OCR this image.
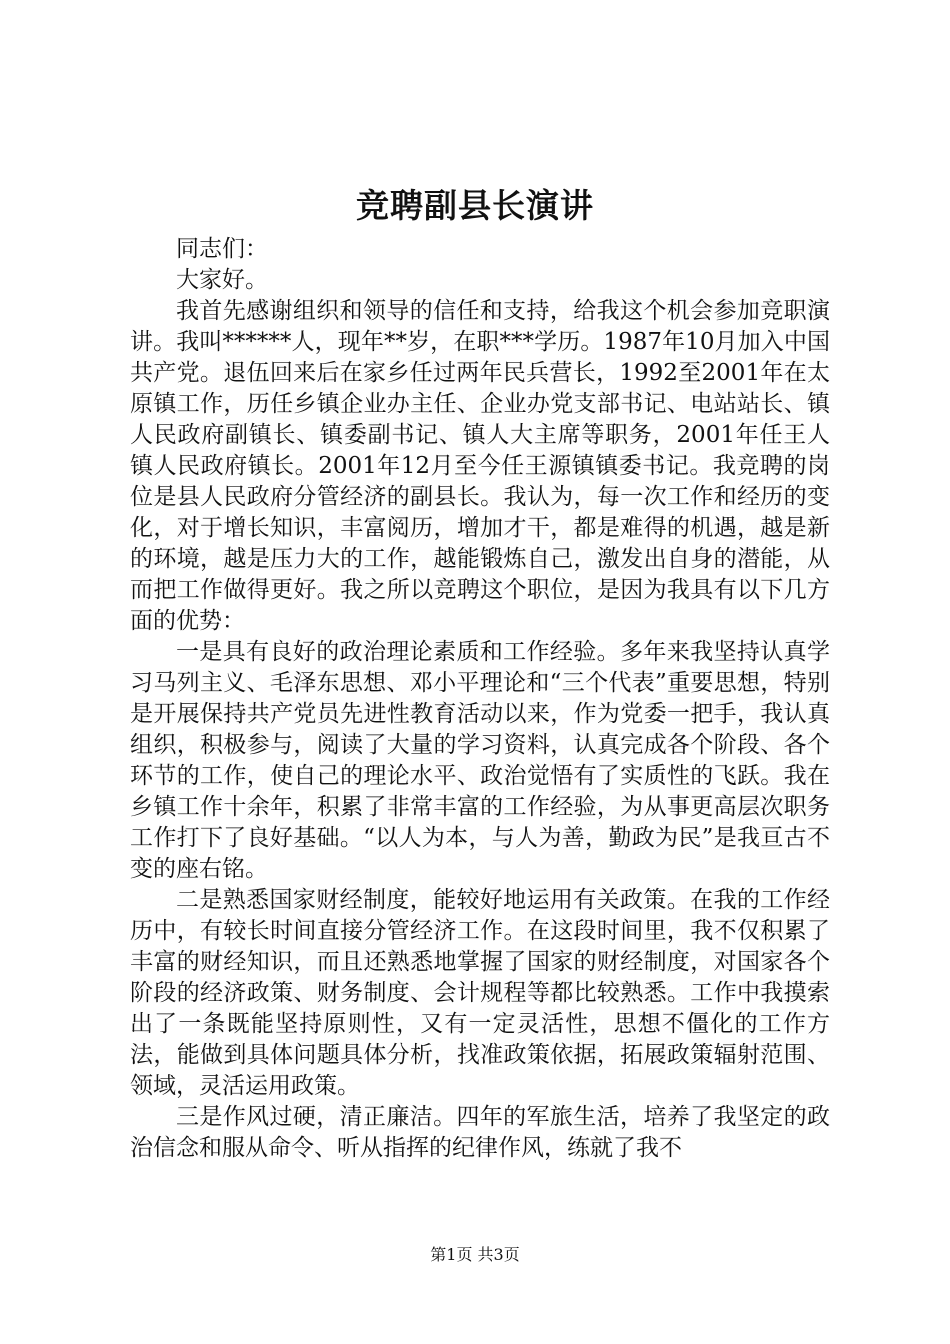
竞聘副县长演讲

同志们：

大家好。

我首先感谢组织和领导的信任和支持，给我这个机会参加竞职演讲。我叫******人，现年**岁，在职***学历。1987年10月加入中国共产党。退伍回来后在家乡任过两年民兵营长，1992至2001年在太原镇工作，历任乡镇企业办主任、企业办党支部书记、电站站长、镇人民政府副镇长、镇委副书记、镇人大主席等职务，2001年任王人镇人民政府镇长。2001年12月至今任王源镇镇委书记。我竞聘的岗位是县人民政府分管经济的副县长。我认为，每一次工作和经历的变化，对于增长知识，丰富阅历，增加才干，都是难得的机遇，越是新的环境，越是压力大的工作，越能锻炼自己，激发出自身的潜能，从而把工作做得更好。我之所以竞聘这个职位，是因为我具有以下几方面的优势：

一是具有良好的政治理论素质和工作经验。多年来我坚持认真学习马列主义、毛泽东思想、邓小平理论和“三个代表”重要思想，特别是开展保持共产党员先进性教育活动以来，作为党委一把手，我认真组织，积极参与，阅读了大量的学习资料，认真完成各个阶段、各个环节的工作，使自己的理论水平、政治觉悟有了实质性的飞跃。我在乡镇工作十余年，积累了非常丰富的工作经验，为从事更高层次职务工作打下了良好基础。“以人为本，与人为善，勤政为民”是我亘古不变的座右铭。

二是熟悉国家财经制度，能较好地运用有关政策。在我的工作经历中，有较长时间直接分管经济工作。在这段时间里，我不仅积累了丰富的财经知识，而且还熟悉地掌握了国家的财经制度，对国家各个阶段的经济政策、财务制度、会计规程等都比较熟悉。工作中我摸索出了一条既能坚持原则性，又有一定灵活性，思想不僵化的工作方法，能做到具体问题具体分析，找准政策依据，拓展政策辐射范围、领域，灵活运用政策。

三是作风过硬，清正廉洁。四年的军旅生活，培养了我坚定的政治信念和服从命令、听从指挥的纪律作风，练就了我不

第1页 共3页
